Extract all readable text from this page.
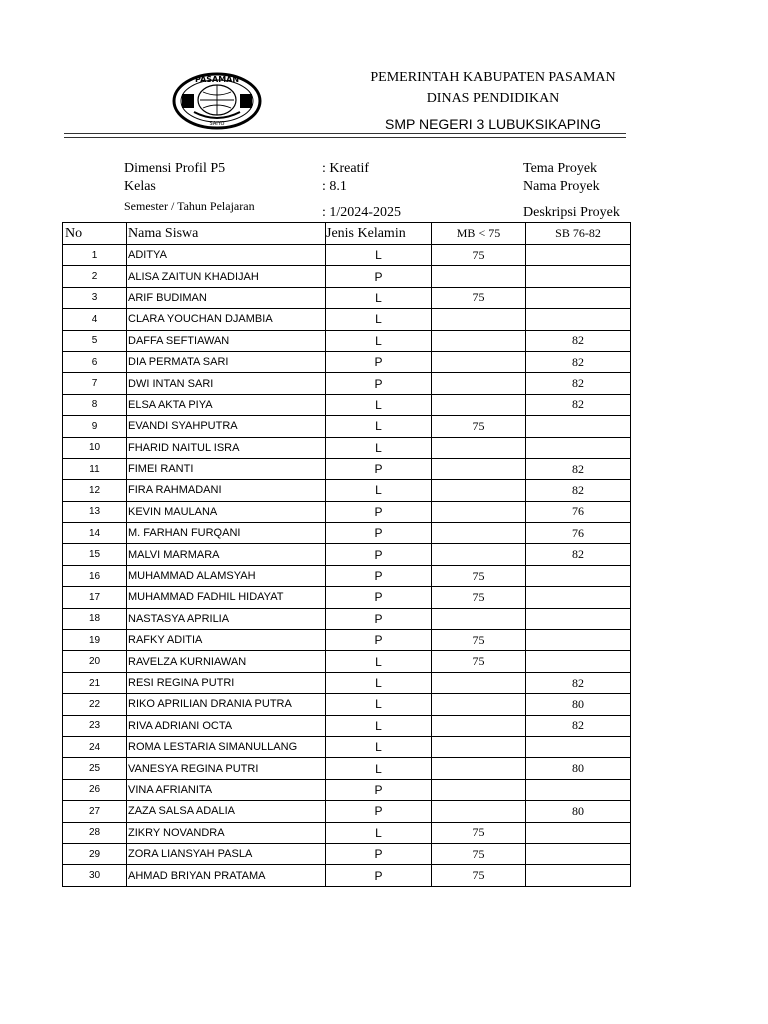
PASAMAN
SAIYO
PEMERINTAH KABUPATEN PASAMAN
DINAS PENDIDIKAN
SMP NEGERI 3 LUBUKSIKAPING
Dimensi Profil P5	: Kreatif	Tema Proyek
Kelas	: 8.1	Nama Proyek
Semester / Tahun Pelajaran	: 1/2024-2025	Deskripsi Proyek
No	Nama Siswa	Jenis Kelamin	MB < 75	SB 76-82
1	ADITYA	L	75	
2	ALISA ZAITUN KHADIJAH	P		
3	ARIF BUDIMAN	L	75	
4	CLARA YOUCHAN DJAMBIA	L		
5	DAFFA SEFTIAWAN	L		82
6	DIA PERMATA SARI	P		82
7	DWI INTAN SARI	P		82
8	ELSA AKTA PIYA	L		82
9	EVANDI SYAHPUTRA	L	75	
10	FHARID NAITUL ISRA	L		
11	FIMEI RANTI	P		82
12	FIRA RAHMADANI	L		82
13	KEVIN MAULANA	P		76
14	M. FARHAN FURQANI	P		76
15	MALVI MARMARA	P		82
16	MUHAMMAD ALAMSYAH	P	75	
17	MUHAMMAD FADHIL HIDAYAT	P	75	
18	NASTASYA APRILIA	P		
19	RAFKY ADITIA	P	75	
20	RAVELZA KURNIAWAN	L	75	
21	RESI REGINA PUTRI	L		82
22	RIKO APRILIAN DRANIA PUTRA	L		80
23	RIVA ADRIANI OCTA	L		82
24	ROMA LESTARIA SIMANULLANG	L		
25	VANESYA REGINA PUTRI	L		80
26	VINA AFRIANITA	P		
27	ZAZA SALSA ADALIA	P		80
28	ZIKRY NOVANDRA	L	75	
29	ZORA LIANSYAH PASLA	P	75	
30	AHMAD BRIYAN PRATAMA	P	75	
